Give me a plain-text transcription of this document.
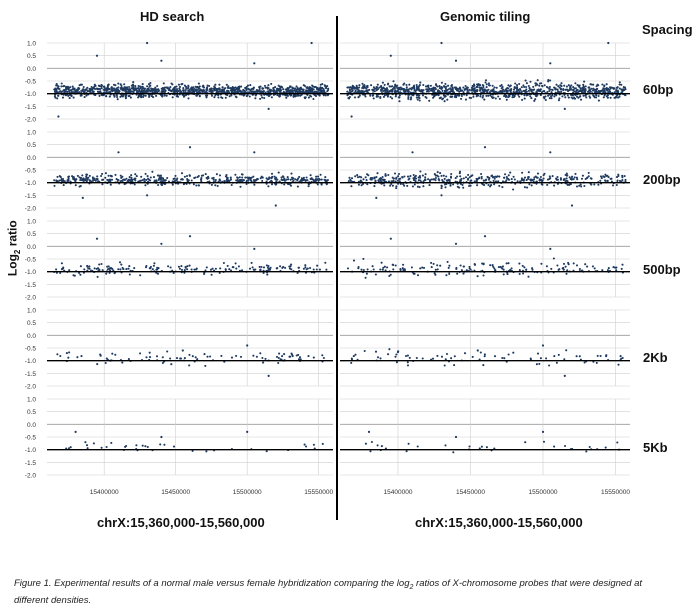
1.0
0.5
0.0
-0.5
-1.0
-1.5
-2.0
1.0
0.5
0.0
-0.5
-1.0
-1.5
-2.0
1.0
0.5
0.0
-0.5
-1.0
-1.5
-2.0
1.0
0.5
0.0
-0.5
-1.0
-1.5
-2.0
1.0
0.5
0.0
-0.5
-1.0
-1.5
-2.0
15400000	15450000	15500000	15550000	15400000	15450000	15500000	15550000
HD search	Genomic tiling
Spacing
60bp
200bp
500bp
2Kb
5Kb
Log$_2$ ratio
chrX:15,360,000-15,560,000	chrX:15,360,000-15,560,000
Figure 1. Experimental results of a normal male versus female hybridization comparing the $\log_2$ ratios of X-chromosome probes that were designed at different densities.
